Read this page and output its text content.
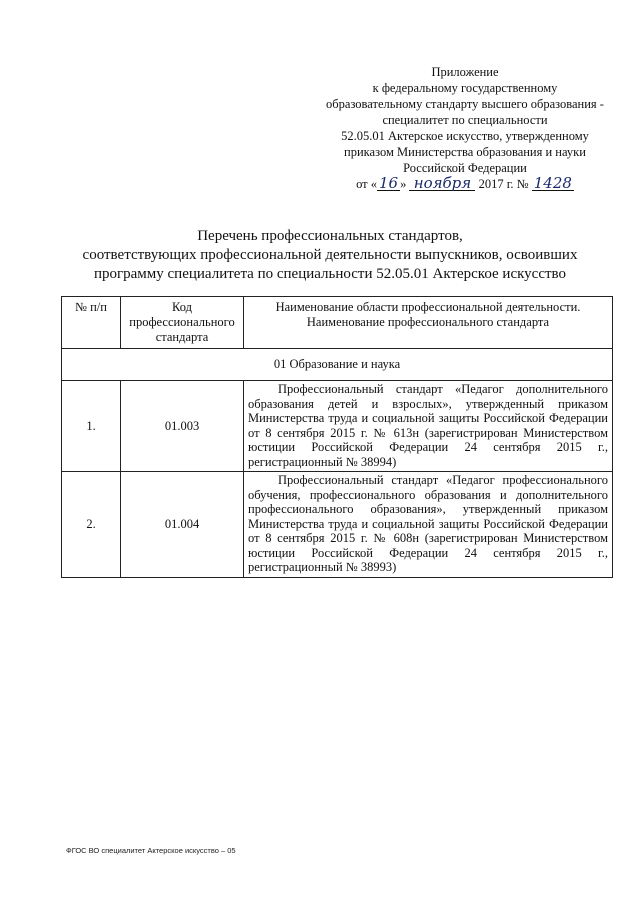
Приложение
к федеральному государственному
образовательному стандарту высшего образования -
специалитет по специальности
52.05.01 Актерское искусство, утвержденному
приказом Министерства образования и науки
Российской Федерации
от « 16 » ноября 2017 г. № 1428
Перечень профессиональных стандартов,
соответствующих профессиональной деятельности выпускников, освоивших
программу специалитета по специальности 52.05.01 Актерское искусство
№ п/п	Код профессионального стандарта	Наименование области профессиональной деятельности.
Наименование профессионального стандарта

01 Образование и наука		
1.	01.003	Профессиональный стандарт «Педагог дополнительного образования детей и взрослых», утвержденный приказом Министерства труда и социальной защиты Российской Федерации от 8 сентября 2015 г. № 613н (зарегистрирован Министерством юстиции Российской Федерации 24 сентября 2015 г., регистрационный № 38994)

2.	01.004	Профессиональный стандарт «Педагог профессионального обучения, профессионального образования и дополнительного профессионального образования», утвержденный приказом Министерства труда и социальной защиты Российской Федерации от 8 сентября 2015 г. № 608н (зарегистрирован Министерством юстиции Российской Федерации 24 сентября 2015 г., регистрационный № 38993)
ФГОС ВО специалитет Актерское искусство – 05
